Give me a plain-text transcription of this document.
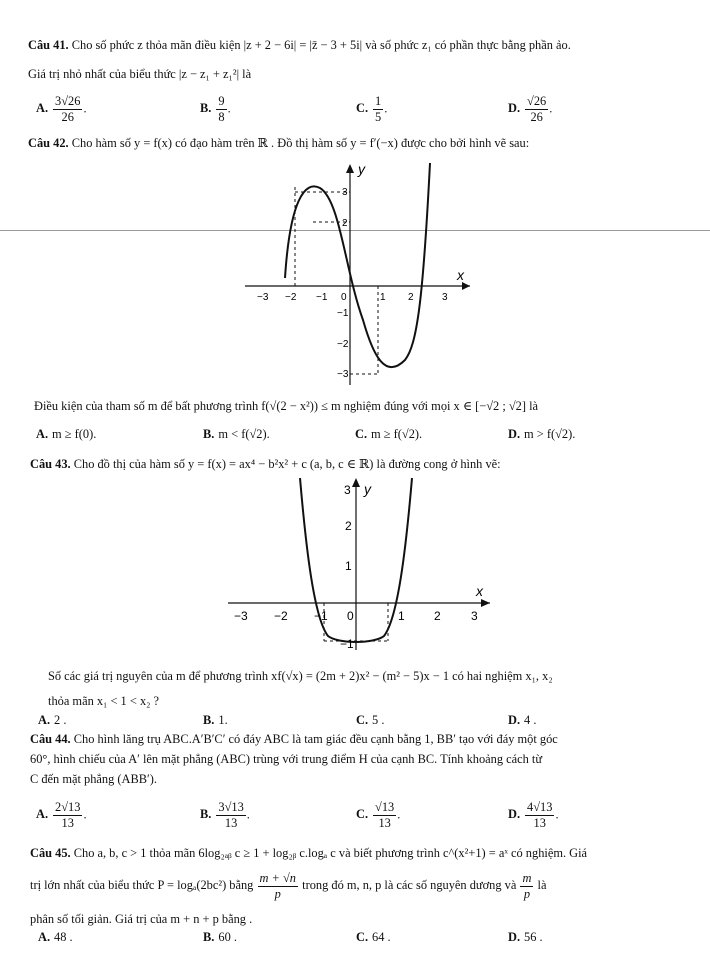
Câu 41. Cho số phức z thỏa mãn điều kiện |z + 2 − 6i| = |z̄ − 3 + 5i| và số phức z₁ có phần thực bằng phần ảo.
Giá trị nhỏ nhất của biểu thức |z − z₁ + z₁²| là
A. $\frac{3√26}{26}$ .	B. $\frac{9}{8}$ .	C. $\frac{1}{5}$ .	D. $\frac{√26}{26}$ .
Câu 42. Cho hàm số y = f(x) có đạo hàm trên ℝ . Đồ thị hàm số y = f′(−x) được cho bởi hình vẽ sau:
y
x
−3 −2 −1 0	1 2	3
3
2
−1
−2
−3
Điều kiện của tham số m để bất phương trình f(√(2 − x²)) ≤ m nghiệm đúng với mọi x ∈ [−√2 ; √2] là
A. m ≥ f(0).	B. m < f(√2).	C. m ≥ f(√2).	D. m > f(√2).
Câu 43. Cho đồ thị của hàm số y = f(x) = ax⁴ − b²x² + c (a, b, c ∈ ℝ) là đường cong ở hình vẽ:
y
x
−3 −2 −1 0	1 2	3
3
2
1
−1
Số các giá trị nguyên của m để phương trình xf(√x) = (2m + 2)x² − (m² − 5)x − 1 có hai nghiệm x₁, x₂
thỏa mãn x₁ < 1 < x₂ ?
A. 2 .	B. 1.	C. 5 .	D. 4 .
Câu 44. Cho hình lăng trụ ABC.A′B′C′ có đáy ABC là tam giác đều cạnh bằng 1, BB′ tạo với đáy một góc
60°, hình chiếu của A′ lên mặt phẳng (ABC) trùng với trung điểm H của cạnh BC. Tính khoảng cách từ
C đến mặt phẳng (ABB′).
A. $\frac{2√13}{13}$ .	B. $\frac{3√13}{13}$ .	C. $\frac{√13}{13}$ .	D. $\frac{4√13}{13}$ .
Câu 45. Cho a, b, c > 1 thỏa mãn 6log₂ₐᵦ c ≥ 1 + log₂ᵦ c.logₐ c và biết phương trình c^(x²+1) = aˣ có nghiệm. Giá
trị lớn nhất của biểu thức P = logₐ(2bc²) bằng $\frac{m + √n}{p}$ trong đó m, n, p là các số nguyên dương và $\frac{m}{p}$ là
phân số tối giản. Giá trị của m + n + p bằng .
A. 48 .	B. 60 .	C. 64 .	D. 56 .
